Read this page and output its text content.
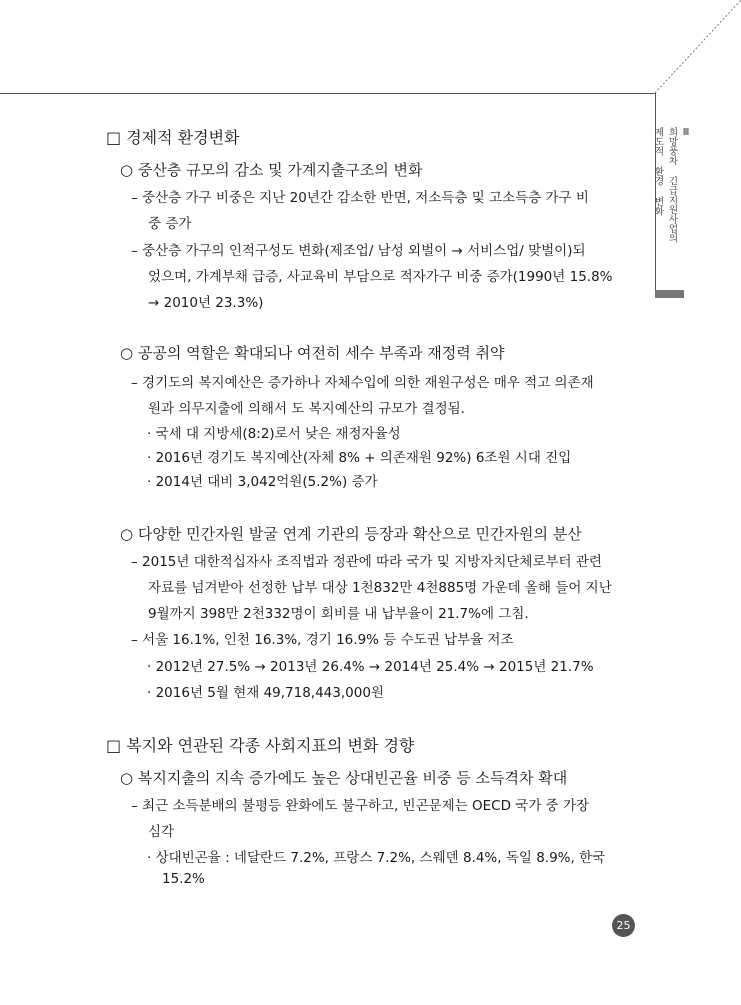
Ⅲ
희망풍차 긴급지원사업의
제도적 환경 변화
□ 경제적 환경변화
○ 중산층 규모의 감소 및 가계지출구조의 변화
– 중산층 가구 비중은 지난 20년간 감소한 반면, 저소득층 및 고소득층 가구 비
중 증가
– 중산층 가구의 인적구성도 변화(제조업/ 남성 외벌이 → 서비스업/ 맞벌이)되
었으며, 가계부채 급증, 사교육비 부담으로 적자가구 비중 증가(1990년 15.8%
→ 2010년 23.3%)
○ 공공의 역할은 확대되나 여전히 세수 부족과 재정력 취약
– 경기도의 복지예산은 증가하나 자체수입에 의한 재원구성은 매우 적고 의존재
원과 의무지출에 의해서 도 복지예산의 규모가 결정됨.
· 국세 대 지방세(8:2)로서 낮은 재정자율성
· 2016년 경기도 복지예산(자체 8% + 의존재원 92%) 6조원 시대 진입
· 2014년 대비 3,042억원(5.2%) 증가
○ 다양한 민간자원 발굴 연계 기관의 등장과 확산으로 민간자원의 분산
– 2015년 대한적십자사 조직법과 정관에 따라 국가 및 지방자치단체로부터 관련
자료를 넘겨받아 선정한 납부 대상 1천832만 4천885명 가운데 올해 들어 지난
9월까지 398만 2천332명이 회비를 내 납부율이 21.7%에 그침.
– 서울 16.1%, 인천 16.3%, 경기 16.9% 등 수도권 납부율 저조
· 2012년 27.5% → 2013년 26.4% → 2014년 25.4% → 2015년 21.7%
· 2016년 5월 현재 49,718,443,000원
□ 복지와 연관된 각종 사회지표의 변화 경향
○ 복지지출의 지속 증가에도 높은 상대빈곤율 비중 등 소득격차 확대
– 최근 소득분배의 불평등 완화에도 불구하고, 빈곤문제는 OECD 국가 중 가장
심각
· 상대빈곤율 : 네달란드 7.2%, 프랑스 7.2%, 스웨덴 8.4%, 독일 8.9%, 한국
15.2%
25
